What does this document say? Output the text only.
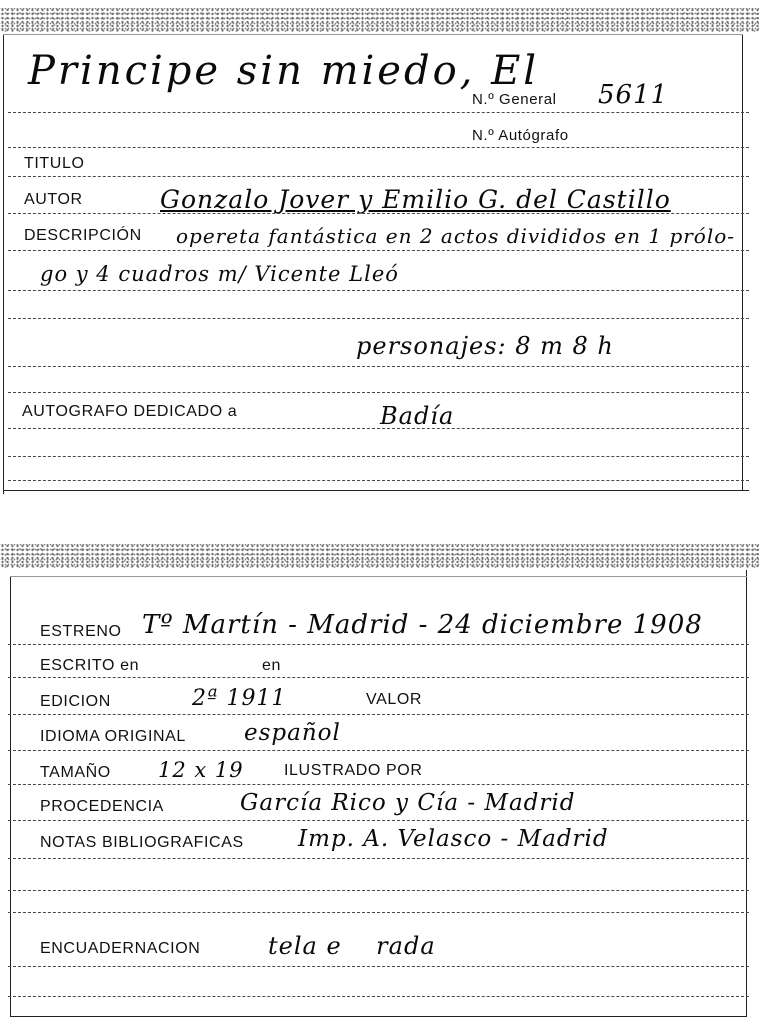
Principe sin miedo, El
N.º General 5611
N.º Autógrafo
TITULO
AUTOR	Gonzalo Jover y Emilio G. del Castillo
DESCRIPCIÓN opereta fantástica en 2 actos divididos en 1 prólo-
go y 4 cuadros m/ Vicente Lleó
personajes: 8 m 8 h
AUTOGRAFO DEDICADO a	Badía
ESTRENO Tº Martín - Madrid - 24 diciembre 1908
ESCRITO en	en
EDICION	2ª 1911	VALOR
IDIOMA ORIGINAL	español
TAMAÑO 12 x 19	ILUSTRADO POR
PROCEDENCIA	García Rico y Cía - Madrid
NOTAS BIBLIOGRAFICAS Imp. A. Velasco - Madrid
ENCUADERNACION	tela e    rada
